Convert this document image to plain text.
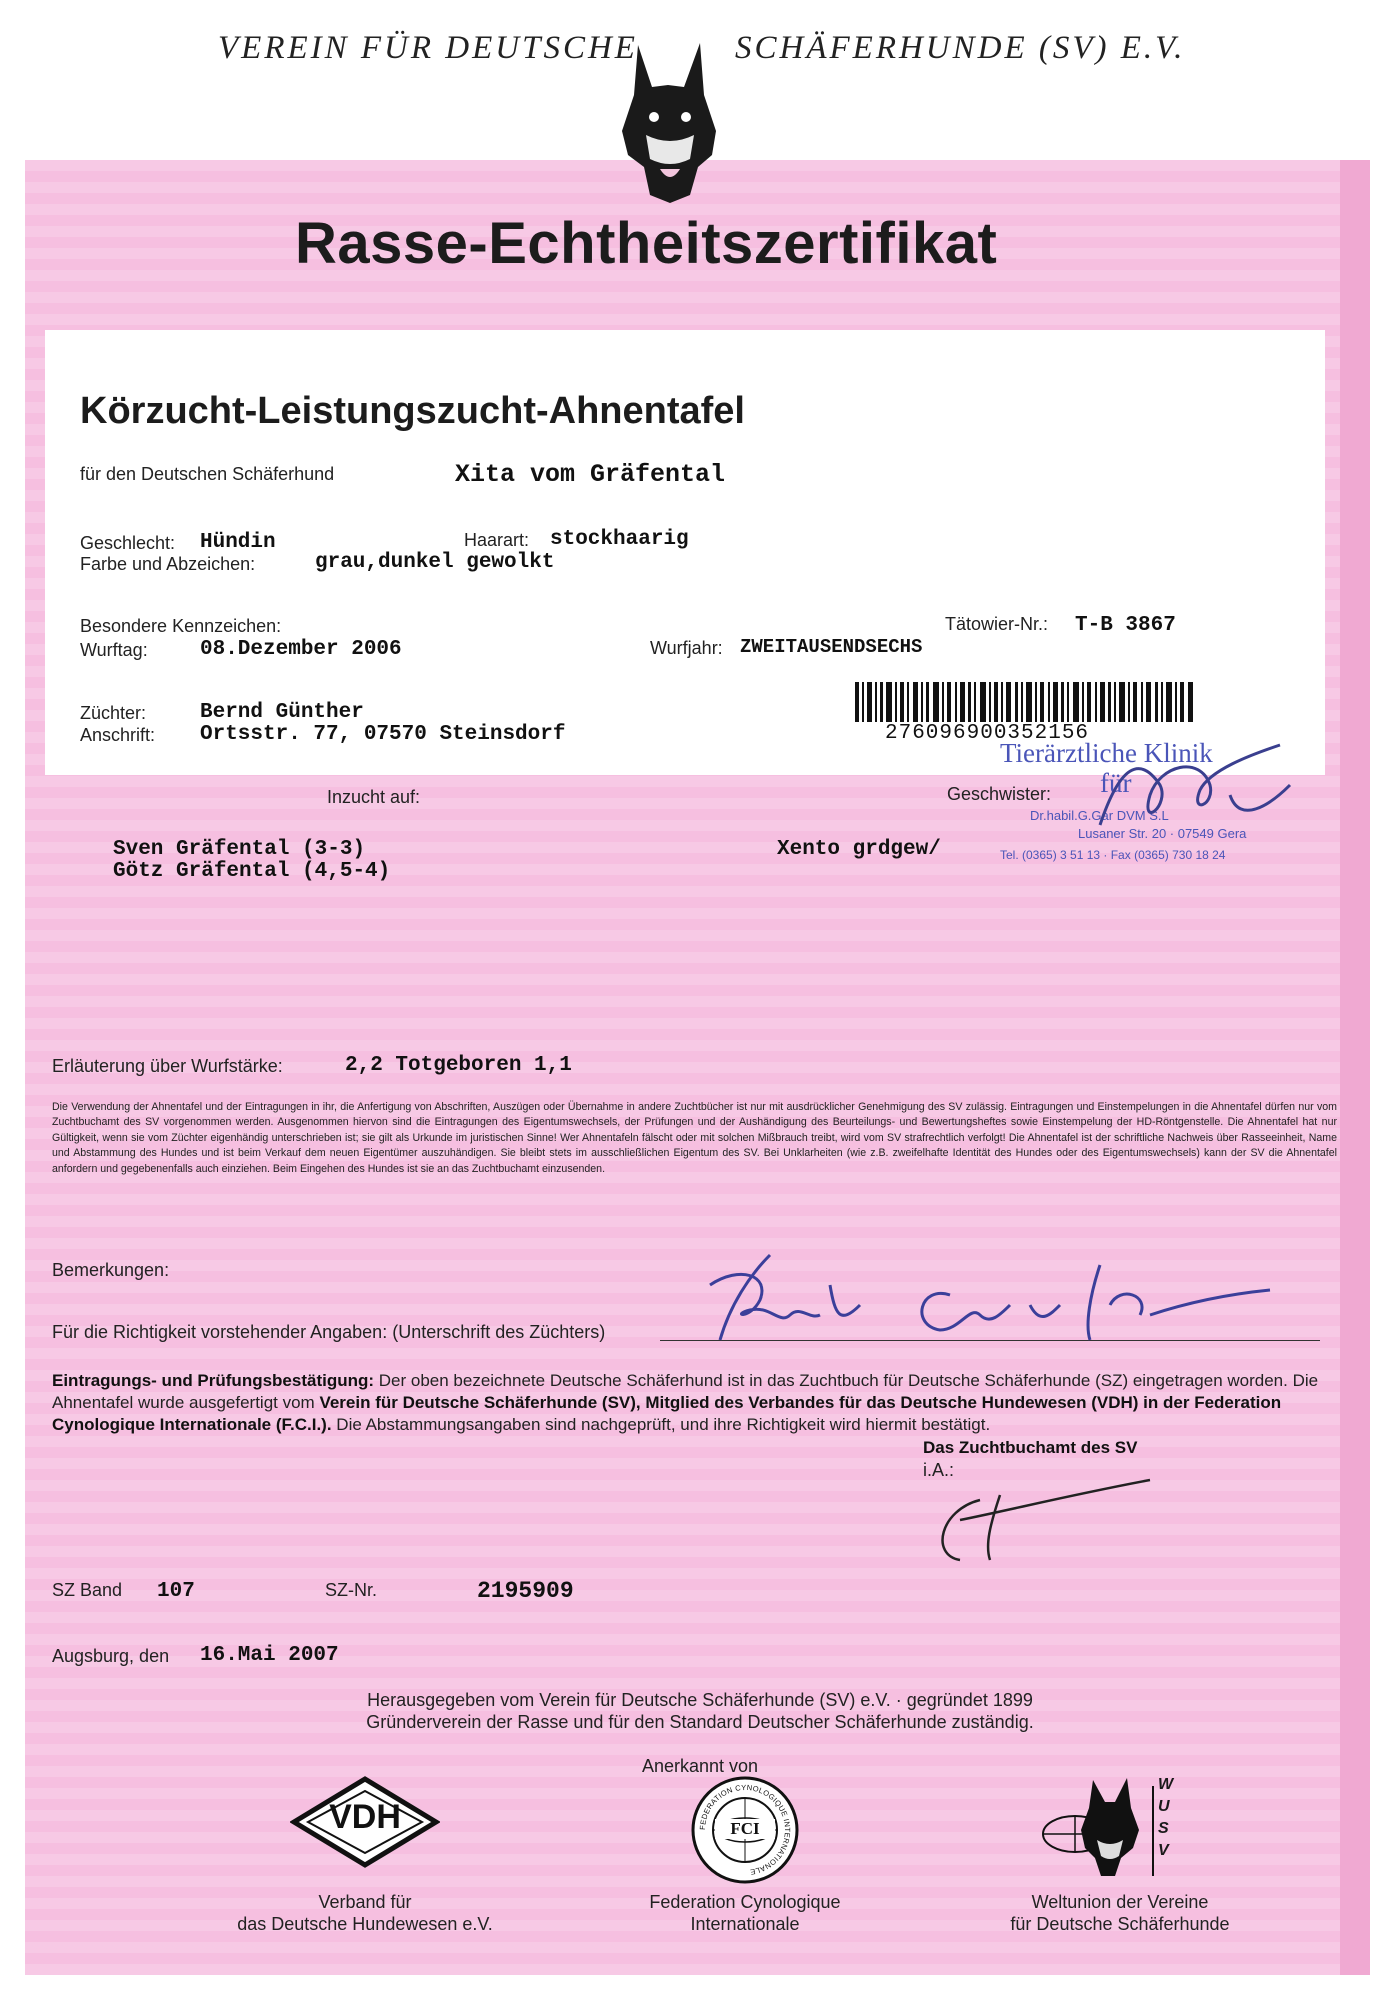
VEREIN FÜR DEUTSCHE	SCHÄFERHUNDE (SV) E.V.
Rasse-Echtheitszertifikat
Körzucht-Leistungszucht-Ahnentafel
für den Deutschen Schäferhund	Xita vom Gräfental
Geschlecht: Hündin	Haarart: stockhaarig
Farbe und Abzeichen:	grau,dunkel gewolkt
Besondere Kennzeichen:	Tätowier-Nr.: T-B 3867
Wurftag: 08.Dezember 2006	Wurfjahr: ZWEITAUSENDSECHS
Züchter:	Bernd Günther
Anschrift: Ortsstr. 77, 07570 Steinsdorf	276096900352156
Tierärztliche Klinik
für
Dr.habil.G.Gar DVM S.L
Lusaner Str. 20 · 07549 Gera
Tel. (0365) 3 51 13 · Fax (0365) 730 18 24
Inzucht auf:
Sven Gräfental (3-3)
Götz Gräfental (4,5-4)
Geschwister:
Xento grdgew/
Erläuterung über Wurfstärke:	2,2 Totgeboren 1,1
Die Verwendung der Ahnentafel und der Eintragungen in ihr, die Anfertigung von Abschriften, Auszügen oder Übernahme in andere Zuchtbücher ist nur mit ausdrücklicher Genehmigung des SV zulässig. Eintragungen und Einstempelungen in die Ahnentafel dürfen nur vom Zuchtbuchamt des SV vorgenommen werden. Ausgenommen hiervon sind die Eintragungen des Eigentumswechsels, der Prüfungen und der Aushändigung des Beurteilungs- und Bewertungsheftes sowie Einstempelung der HD-Röntgenstelle. Die Ahnentafel hat nur Gültigkeit, wenn sie vom Züchter eigenhändig unterschrieben ist; sie gilt als Urkunde im juristischen Sinne! Wer Ahnentafeln fälscht oder mit solchen Mißbrauch treibt, wird vom SV strafrechtlich verfolgt! Die Ahnentafel ist der schriftliche Nachweis über Rasseeinheit, Name und Abstammung des Hundes und ist beim Verkauf dem neuen Eigentümer auszuhändigen. Sie bleibt stets im ausschließlichen Eigentum des SV. Bei Unklarheiten (wie z.B. zweifelhafte Identität des Hundes oder des Eigentumswechsels) kann der SV die Ahnentafel anfordern und gegebenenfalls auch einziehen. Beim Eingehen des Hundes ist sie an das Zuchtbuchamt einzusenden.
Bemerkungen:
Für die Richtigkeit vorstehender Angaben: (Unterschrift des Züchters)
Eintragungs- und Prüfungsbestätigung: Der oben bezeichnete Deutsche Schäferhund ist in das Zuchtbuch für Deutsche Schäferhunde (SZ) eingetragen worden. Die Ahnentafel wurde ausgefertigt vom Verein für Deutsche Schäferhunde (SV), Mitglied des Verbandes für das Deutsche Hundewesen (VDH) in der Federation Cynologique Internationale (F.C.I.). Die Abstammungsangaben sind nachgeprüft, und ihre Richtigkeit wird hiermit bestätigt.
Das Zuchtbuchamt des SV
i.A.:
SZ Band 107	SZ-Nr.	2195909
Augsburg, den 16.Mai 2007
Herausgegeben vom Verein für Deutsche Schäferhunde (SV) e.V. · gegründet 1899
Gründerverein der Rasse und für den Standard Deutscher Schäferhunde zuständig.
Anerkannt von
VDH
Verband für
das Deutsche Hundewesen e.V.
FEDERATION CYNOLOGIQUE INTERNATIONALE
FCI
Federation Cynologique
Internationale
W
U
S
V
Weltunion der Vereine
für Deutsche Schäferhunde
